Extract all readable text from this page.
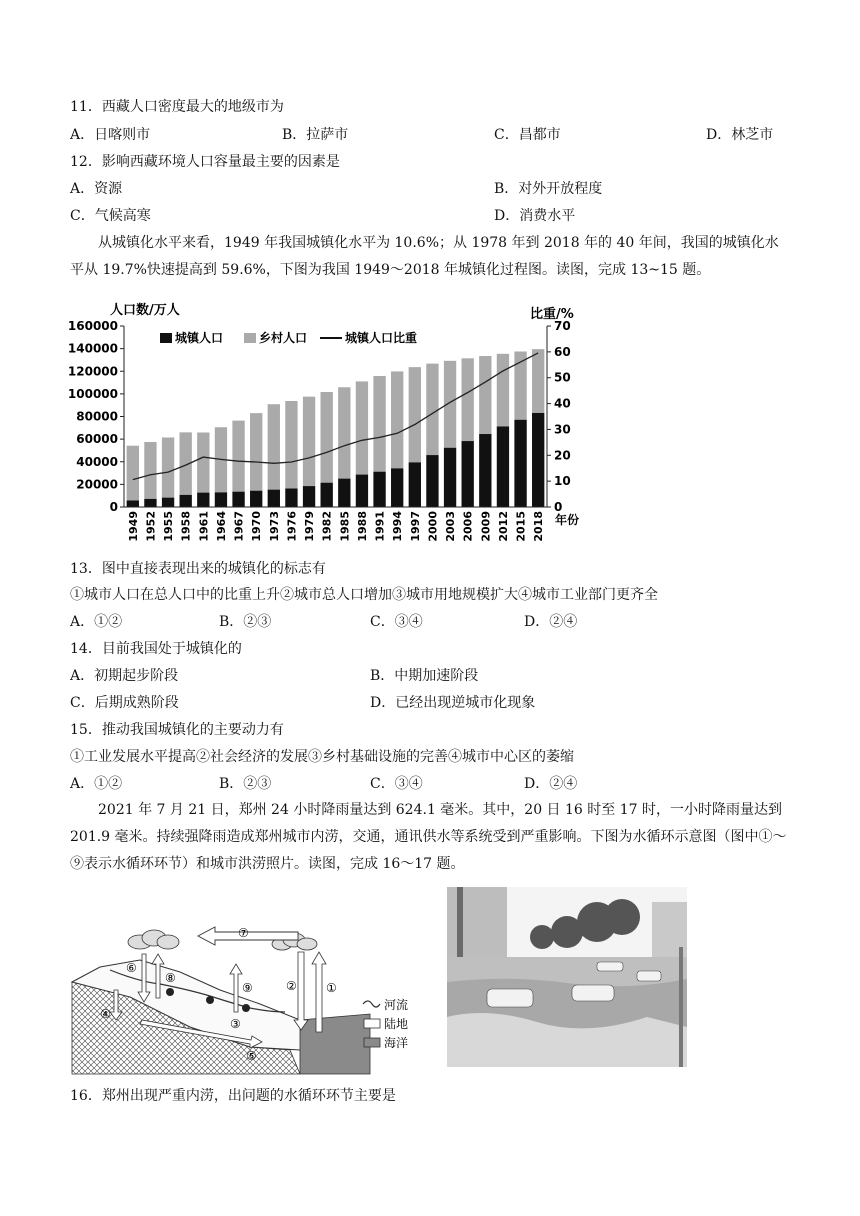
11．西藏人口密度最大的地级市为
A．日喀则市	B．拉萨市	C．昌都市	D．林芝市
12．影响西藏环境人口容量最主要的因素是
A．资源	B．对外开放程度
C．气候高寒	D．消费水平
从城镇化水平来看，1949 年我国城镇化水平为 10.6%；从 1978 年到 2018 年的 40 年间，我国的城镇化水平从 19.7%快速提高到 59.6%，下图为我国 1949～2018 年城镇化过程图。读图，完成 13~15 题。
人口数/万人	比重/%
0
20000
40000
60000
80000
100000
120000
140000
160000
0
10
20
30
40
50
60
70
1949 1952 1955 1958 1961 1964 1967 1970 1973 1976 1979 1982 1985 1988 1991 1994 1997 2000 2003 2006 2009 2012 2015 2018
城镇人口	乡村人口	城镇人口比重
年份
13．图中直接表现出来的城镇化的标志有
①城市人口在总人口中的比重上升②城市总人口增加③城市用地规模扩大④城市工业部门更齐全
A．①②	B．②③	C．③④	D．②④
14．目前我国处于城镇化的
A．初期起步阶段	B．中期加速阶段
C．后期成熟阶段	D．已经出现逆城市化现象
15．推动我国城镇化的主要动力有
①工业发展水平提高②社会经济的发展③乡村基础设施的完善④城市中心区的萎缩
A．①②	B．②③	C．③④	D．②④
2021 年 7 月 21 日，郑州 24 小时降雨量达到 624.1 毫米。其中，20 日 16 时至 17 时，一小时降雨量达到 201.9 毫米。持续强降雨造成郑州城市内涝，交通，通讯供水等系统受到严重影响。下图为水循环示意图（图中①～⑨表示水循环环节）和城市洪涝照片。读图，完成 16～17 题。
⑦
⑥
⑧
⑨	② ①
③
④
⑤
河流
陆地
海洋
16．郑州出现严重内涝，出问题的水循环环节主要是
